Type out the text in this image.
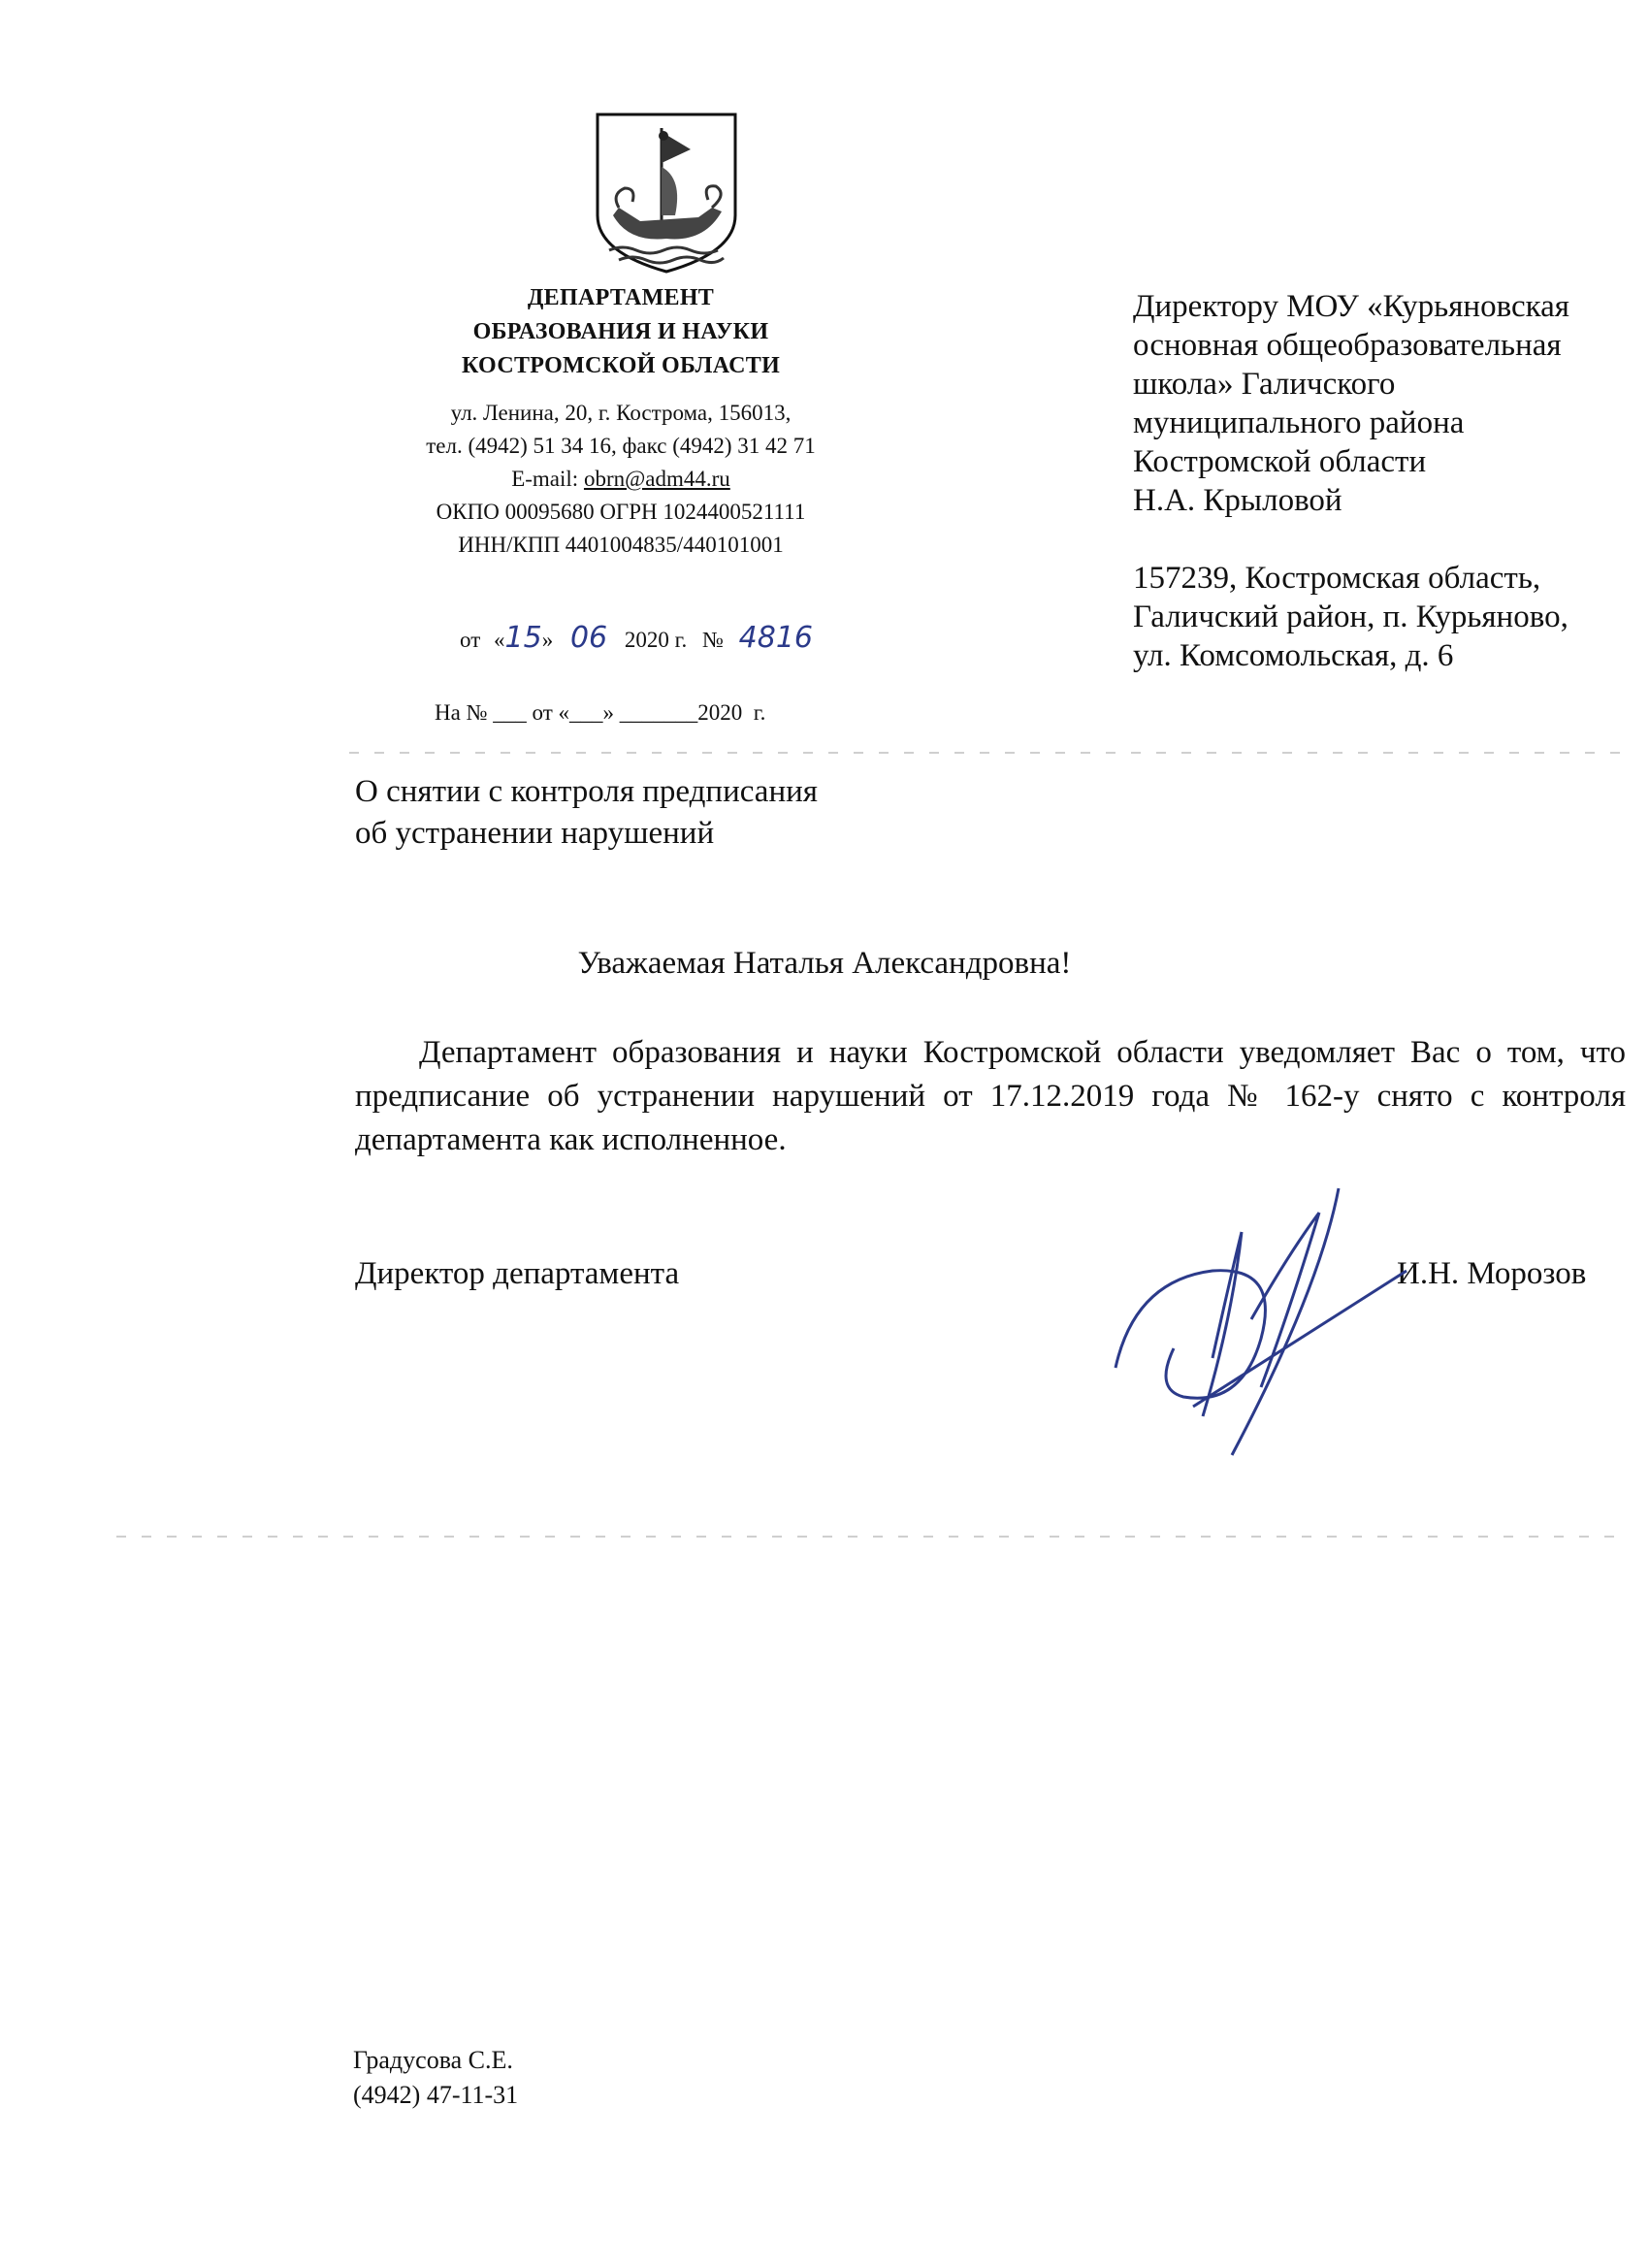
ДЕПАРТАМЕНТ
ОБРАЗОВАНИЯ И НАУКИ
КОСТРОМСКОЙ ОБЛАСТИ
ул. Ленина, 20, г. Кострома, 156013,
тел. (4942) 51 34 16, факс (4942) 31 42 71
E-mail: obrn@adm44.ru
ОКПО 00095680 ОГРН 1024400521111
ИНН/КПП 4401004835/440101001
от «15» 06 2020 г. № 4816
На № ___ от «___» _______2020  г.
Директору МОУ «Курьяновская
основная общеобразовательная
школа» Галичского
муниципального района
Костромской области
Н.А. Крыловой
157239, Костромская область,
Галичский район, п. Курьяново,
ул. Комсомольская, д. 6
О снятии с контроля предписания
об устранении нарушений
Уважаемая Наталья Александровна!
Департамент образования и науки Костромской области уведомляет Вас о том, что предписание об устранении нарушений от 17.12.2019 года № 162-у снято с контроля департамента как исполненное.
Директор департамента	И.Н. Морозов
Градусова С.Е.
(4942) 47-11-31
